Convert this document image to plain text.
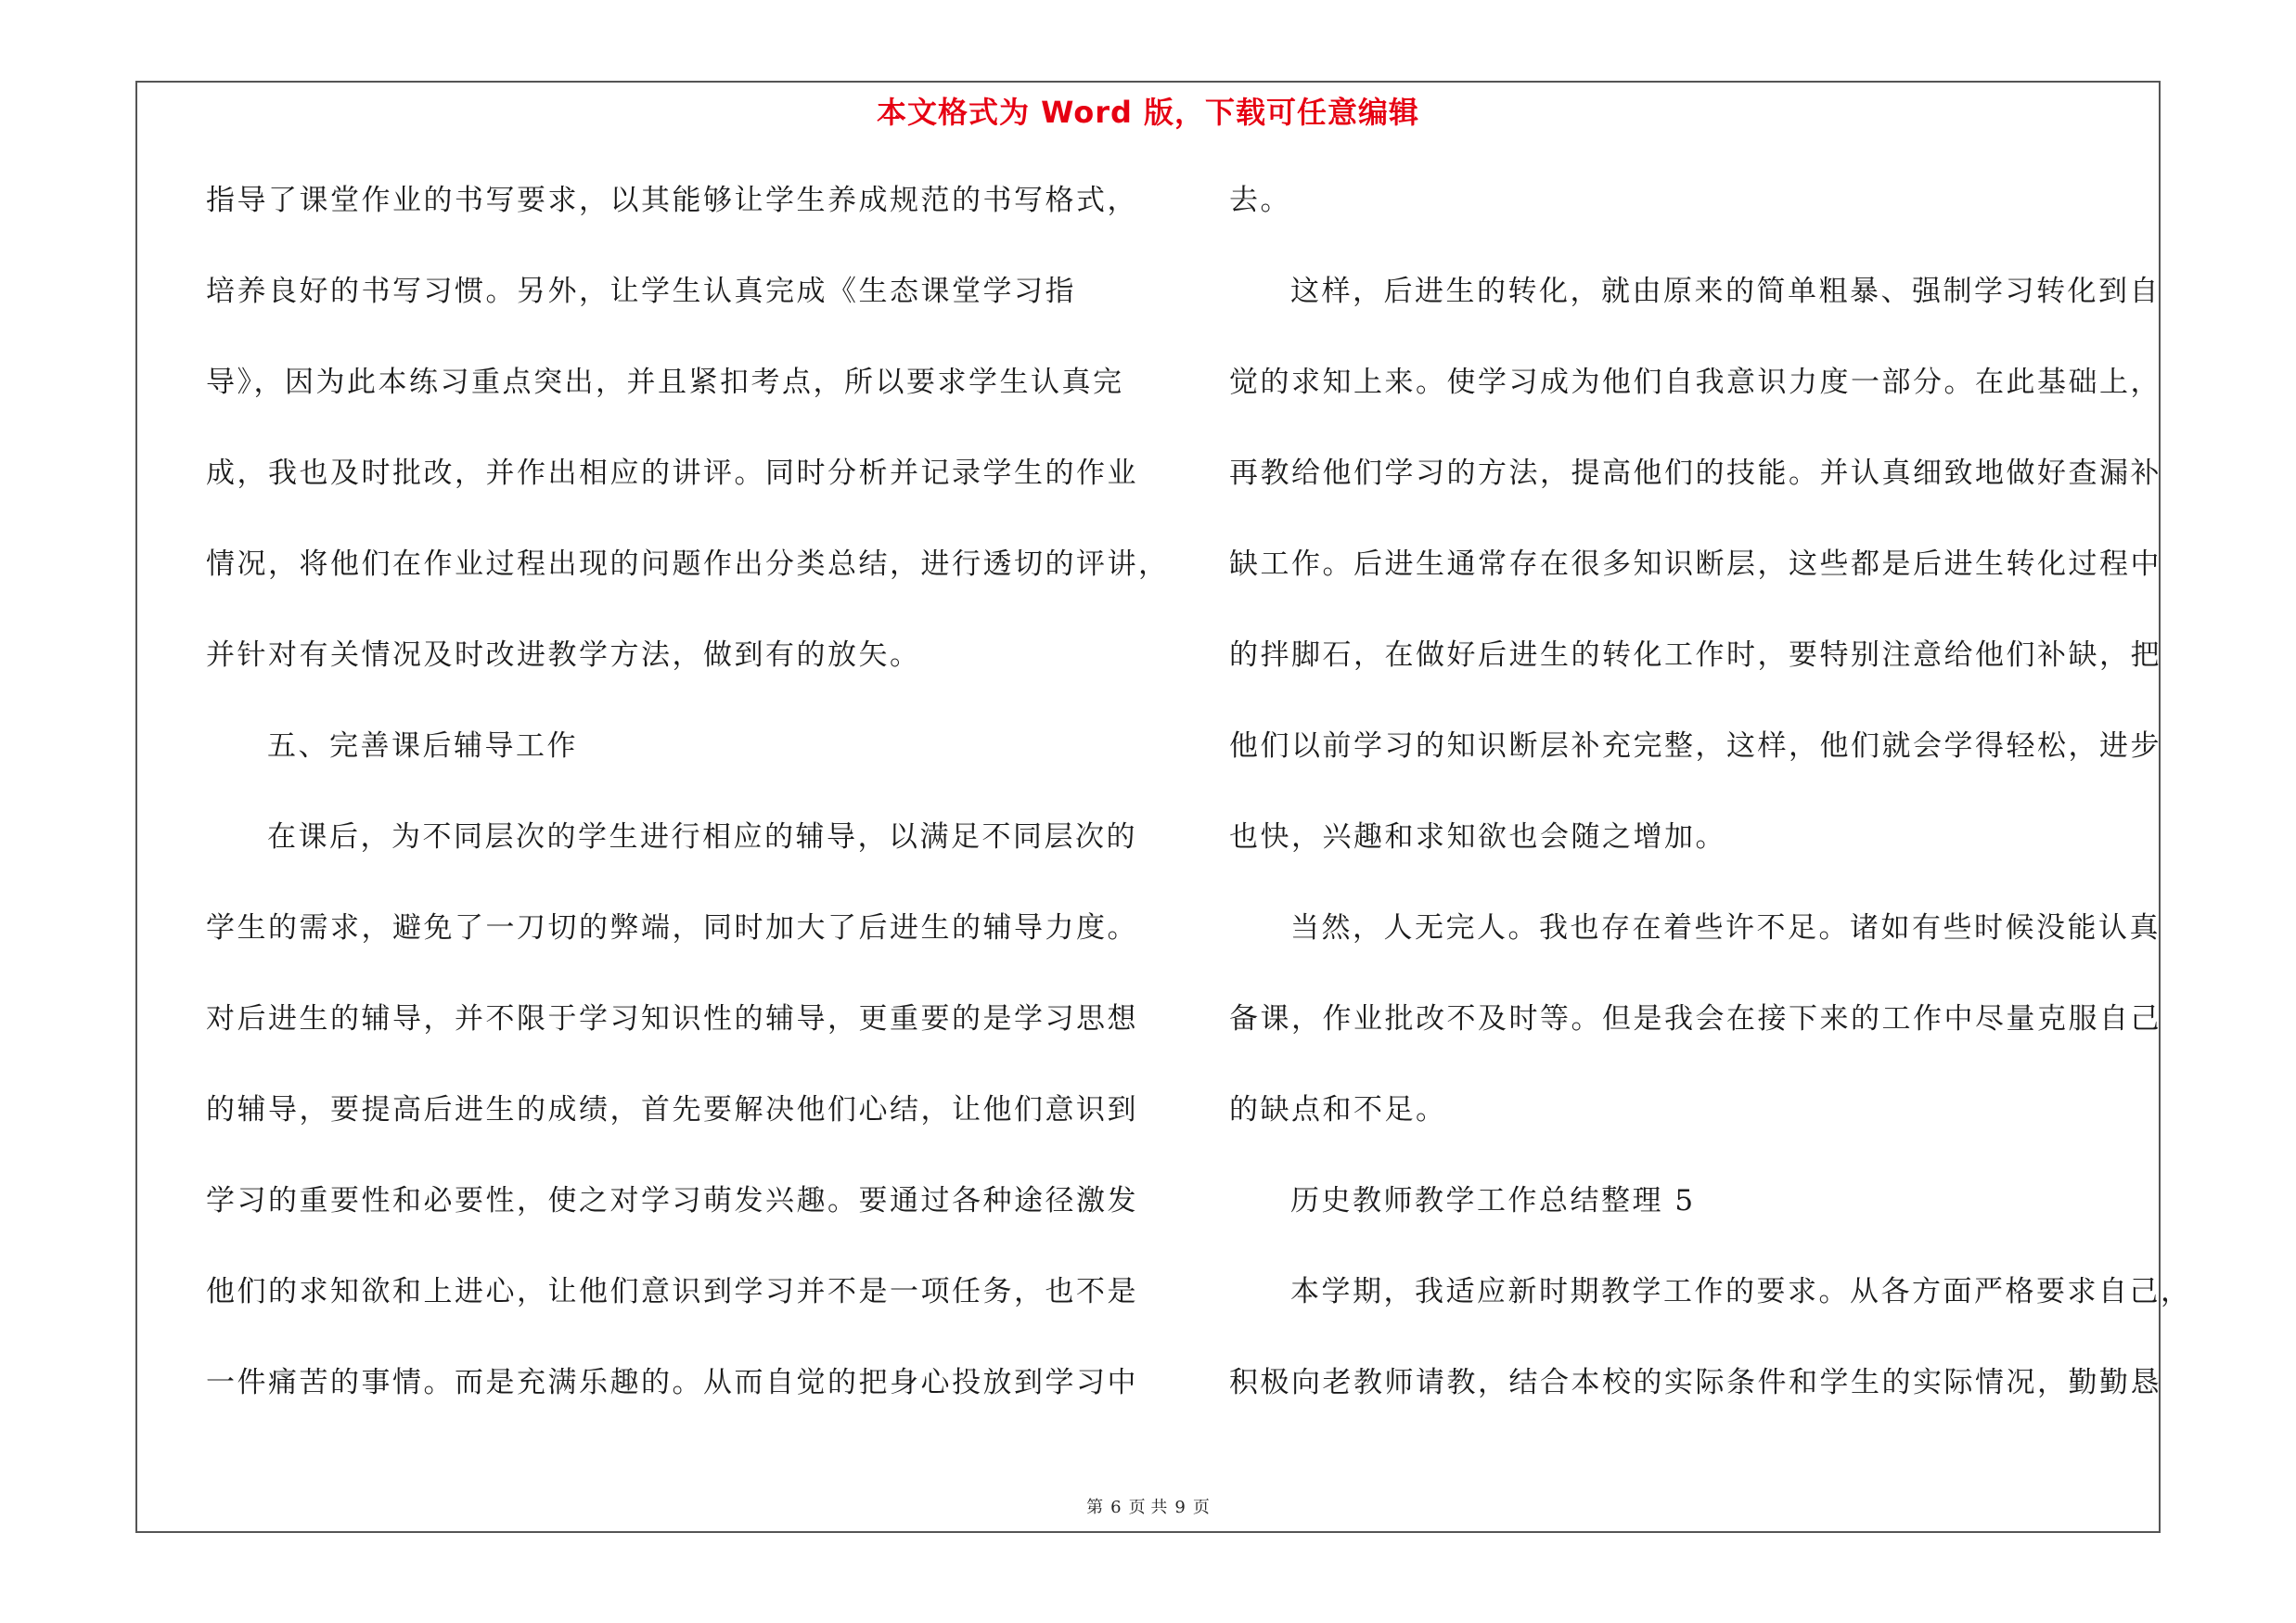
本文格式为 Word 版，下载可任意编辑
指导了课堂作业的书写要求，以其能够让学生养成规范的书写格式，
培养良好的书写习惯。另外，让学生认真完成《生态课堂学习指
导》，因为此本练习重点突出，并且紧扣考点，所以要求学生认真完
成，我也及时批改，并作出相应的讲评。同时分析并记录学生的作业
情况，将他们在作业过程出现的问题作出分类总结，进行透切的评讲，
并针对有关情况及时改进教学方法，做到有的放矢。
五、完善课后辅导工作
在课后，为不同层次的学生进行相应的辅导，以满足不同层次的
学生的需求，避免了一刀切的弊端，同时加大了后进生的辅导力度。
对后进生的辅导，并不限于学习知识性的辅导，更重要的是学习思想
的辅导，要提高后进生的成绩，首先要解决他们心结，让他们意识到
学习的重要性和必要性，使之对学习萌发兴趣。要通过各种途径激发
他们的求知欲和上进心，让他们意识到学习并不是一项任务，也不是
一件痛苦的事情。而是充满乐趣的。从而自觉的把身心投放到学习中
去。
这样，后进生的转化，就由原来的简单粗暴、强制学习转化到自
觉的求知上来。使学习成为他们自我意识力度一部分。在此基础上，
再教给他们学习的方法，提高他们的技能。并认真细致地做好查漏补
缺工作。后进生通常存在很多知识断层，这些都是后进生转化过程中
的拌脚石，在做好后进生的转化工作时，要特别注意给他们补缺，把
他们以前学习的知识断层补充完整，这样，他们就会学得轻松，进步
也快，兴趣和求知欲也会随之增加。
当然，人无完人。我也存在着些许不足。诸如有些时候没能认真
备课，作业批改不及时等。但是我会在接下来的工作中尽量克服自己
的缺点和不足。
历史教师教学工作总结整理 5
本学期，我适应新时期教学工作的要求。从各方面严格要求自己，
积极向老教师请教，结合本校的实际条件和学生的实际情况，勤勤恳
第 6 页 共 9 页
